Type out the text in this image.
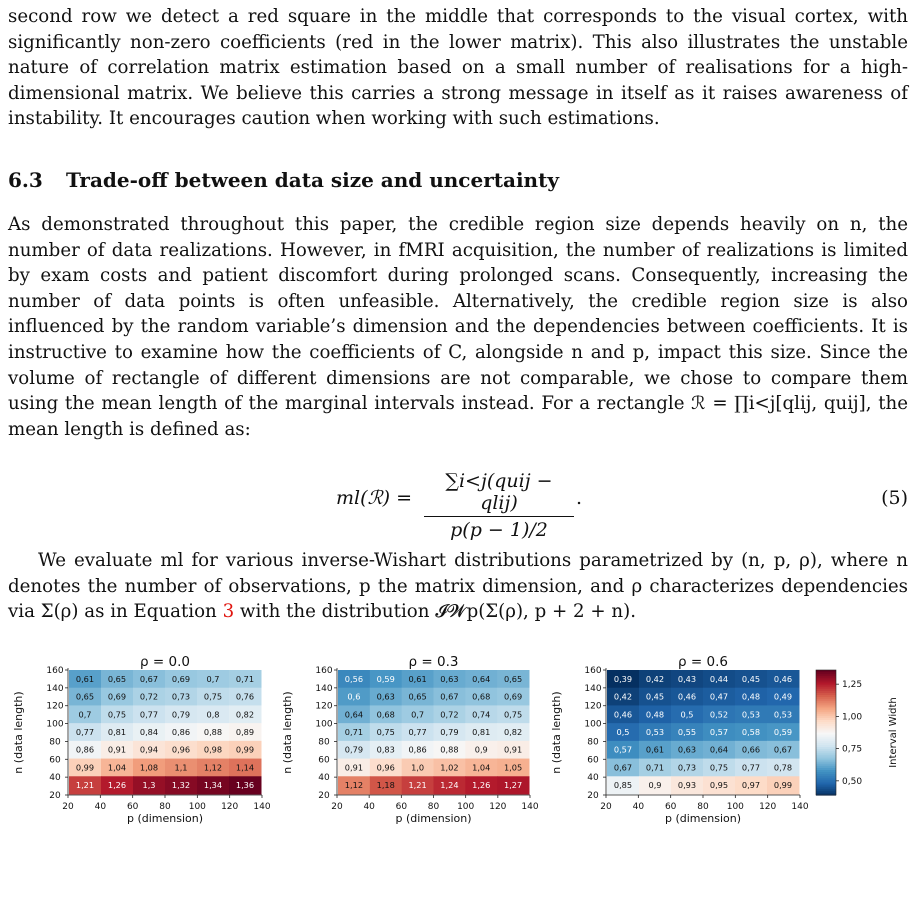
second row we detect a red square in the middle that corresponds to the visual cortex, with significantly non-zero coefficients (red in the lower matrix). This also illustrates the unstable nature of correlation matrix estimation based on a small number of realisations for a high-dimensional matrix. We believe this carries a strong message in itself as it raises awareness of instability. It encourages caution when working with such estimations.

6.3 Trade-off between data size and uncertainty

As demonstrated throughout this paper, the credible region size depends heavily on n, the number of data realizations. However, in fMRI acquisition, the number of realizations is limited by exam costs and patient discomfort during prolonged scans. Consequently, increasing the number of data points is often unfeasible. Alternatively, the credible region size is also influenced by the random variable’s dimension and the dependencies between coefficients. It is instructive to examine how the coefficients of C, alongside n and p, impact this size. Since the volume of rectangle of different dimensions are not comparable, we chose to compare them using the mean length of the marginal intervals instead. For a rectangle ℛ = ∏i<j[qlij, quij], the mean length is defined as:

ml(ℛ) =
∑i<j(quij − qlij)
p(p − 1)/2
.	(5)

We evaluate ml for various inverse-Wishart distributions parametrized by (n, p, ρ), where n denotes the number of observations, p the matrix dimension, and ρ characterizes dependencies via Σ(ρ) as in Equation 3 with the distribution 𝓘𝓦p(Σ(ρ), p + 2 + n).

0,61 0,65 0,67 0,69 0,7 0,71
0,65 0,69 0,72 0,73 0,75 0,76
0,7 0,75 0,77 0,79 0,8 0,82
0,77 0,81 0,84 0,86 0,88 0,89
0,86 0,91 0,94 0,96 0,98 0,99
0,99 1,04 1,08 1,1 1,12 1,14
1,21 1,26 1,3 1,32 1,34 1,36
20 40 60 80 100 120 140
20
40
60
80
100
120
140
160
ρ = 0.0
p (dimension)
n (data length)
0,56 0,59 0,61 0,63 0,64 0,65
0,6 0,63 0,65 0,67 0,68 0,69
0,64 0,68 0,7 0,72 0,74 0,75
0,71 0,75 0,77 0,79 0,81 0,82
0,79 0,83 0,86 0,88 0,9 0,91
0,91 0,96 1,0 1,02 1,04 1,05
1,12 1,18 1,21 1,24 1,26 1,27
20 40 60 80 100 120 140
20
40
60
80
100
120
140
160
ρ = 0.3
p (dimension)
n (data length)
0,39 0,42 0,43 0,44 0,45 0,46
0,42 0,45 0,46 0,47 0,48 0,49
0,46 0,48 0,5 0,52 0,53 0,53
0,5 0,53 0,55 0,57 0,58 0,59
0,57 0,61 0,63 0,64 0,66 0,67
0,67 0,71 0,73 0,75 0,77 0,78
0,85 0,9 0,93 0,95 0,97 0,99
20 40 60 80 100 120 140
20
40
60
80
100
120
140
160
ρ = 0.6
p (dimension)
n (data length)
1,25
1,00
0,75
0,50
Interval Width
